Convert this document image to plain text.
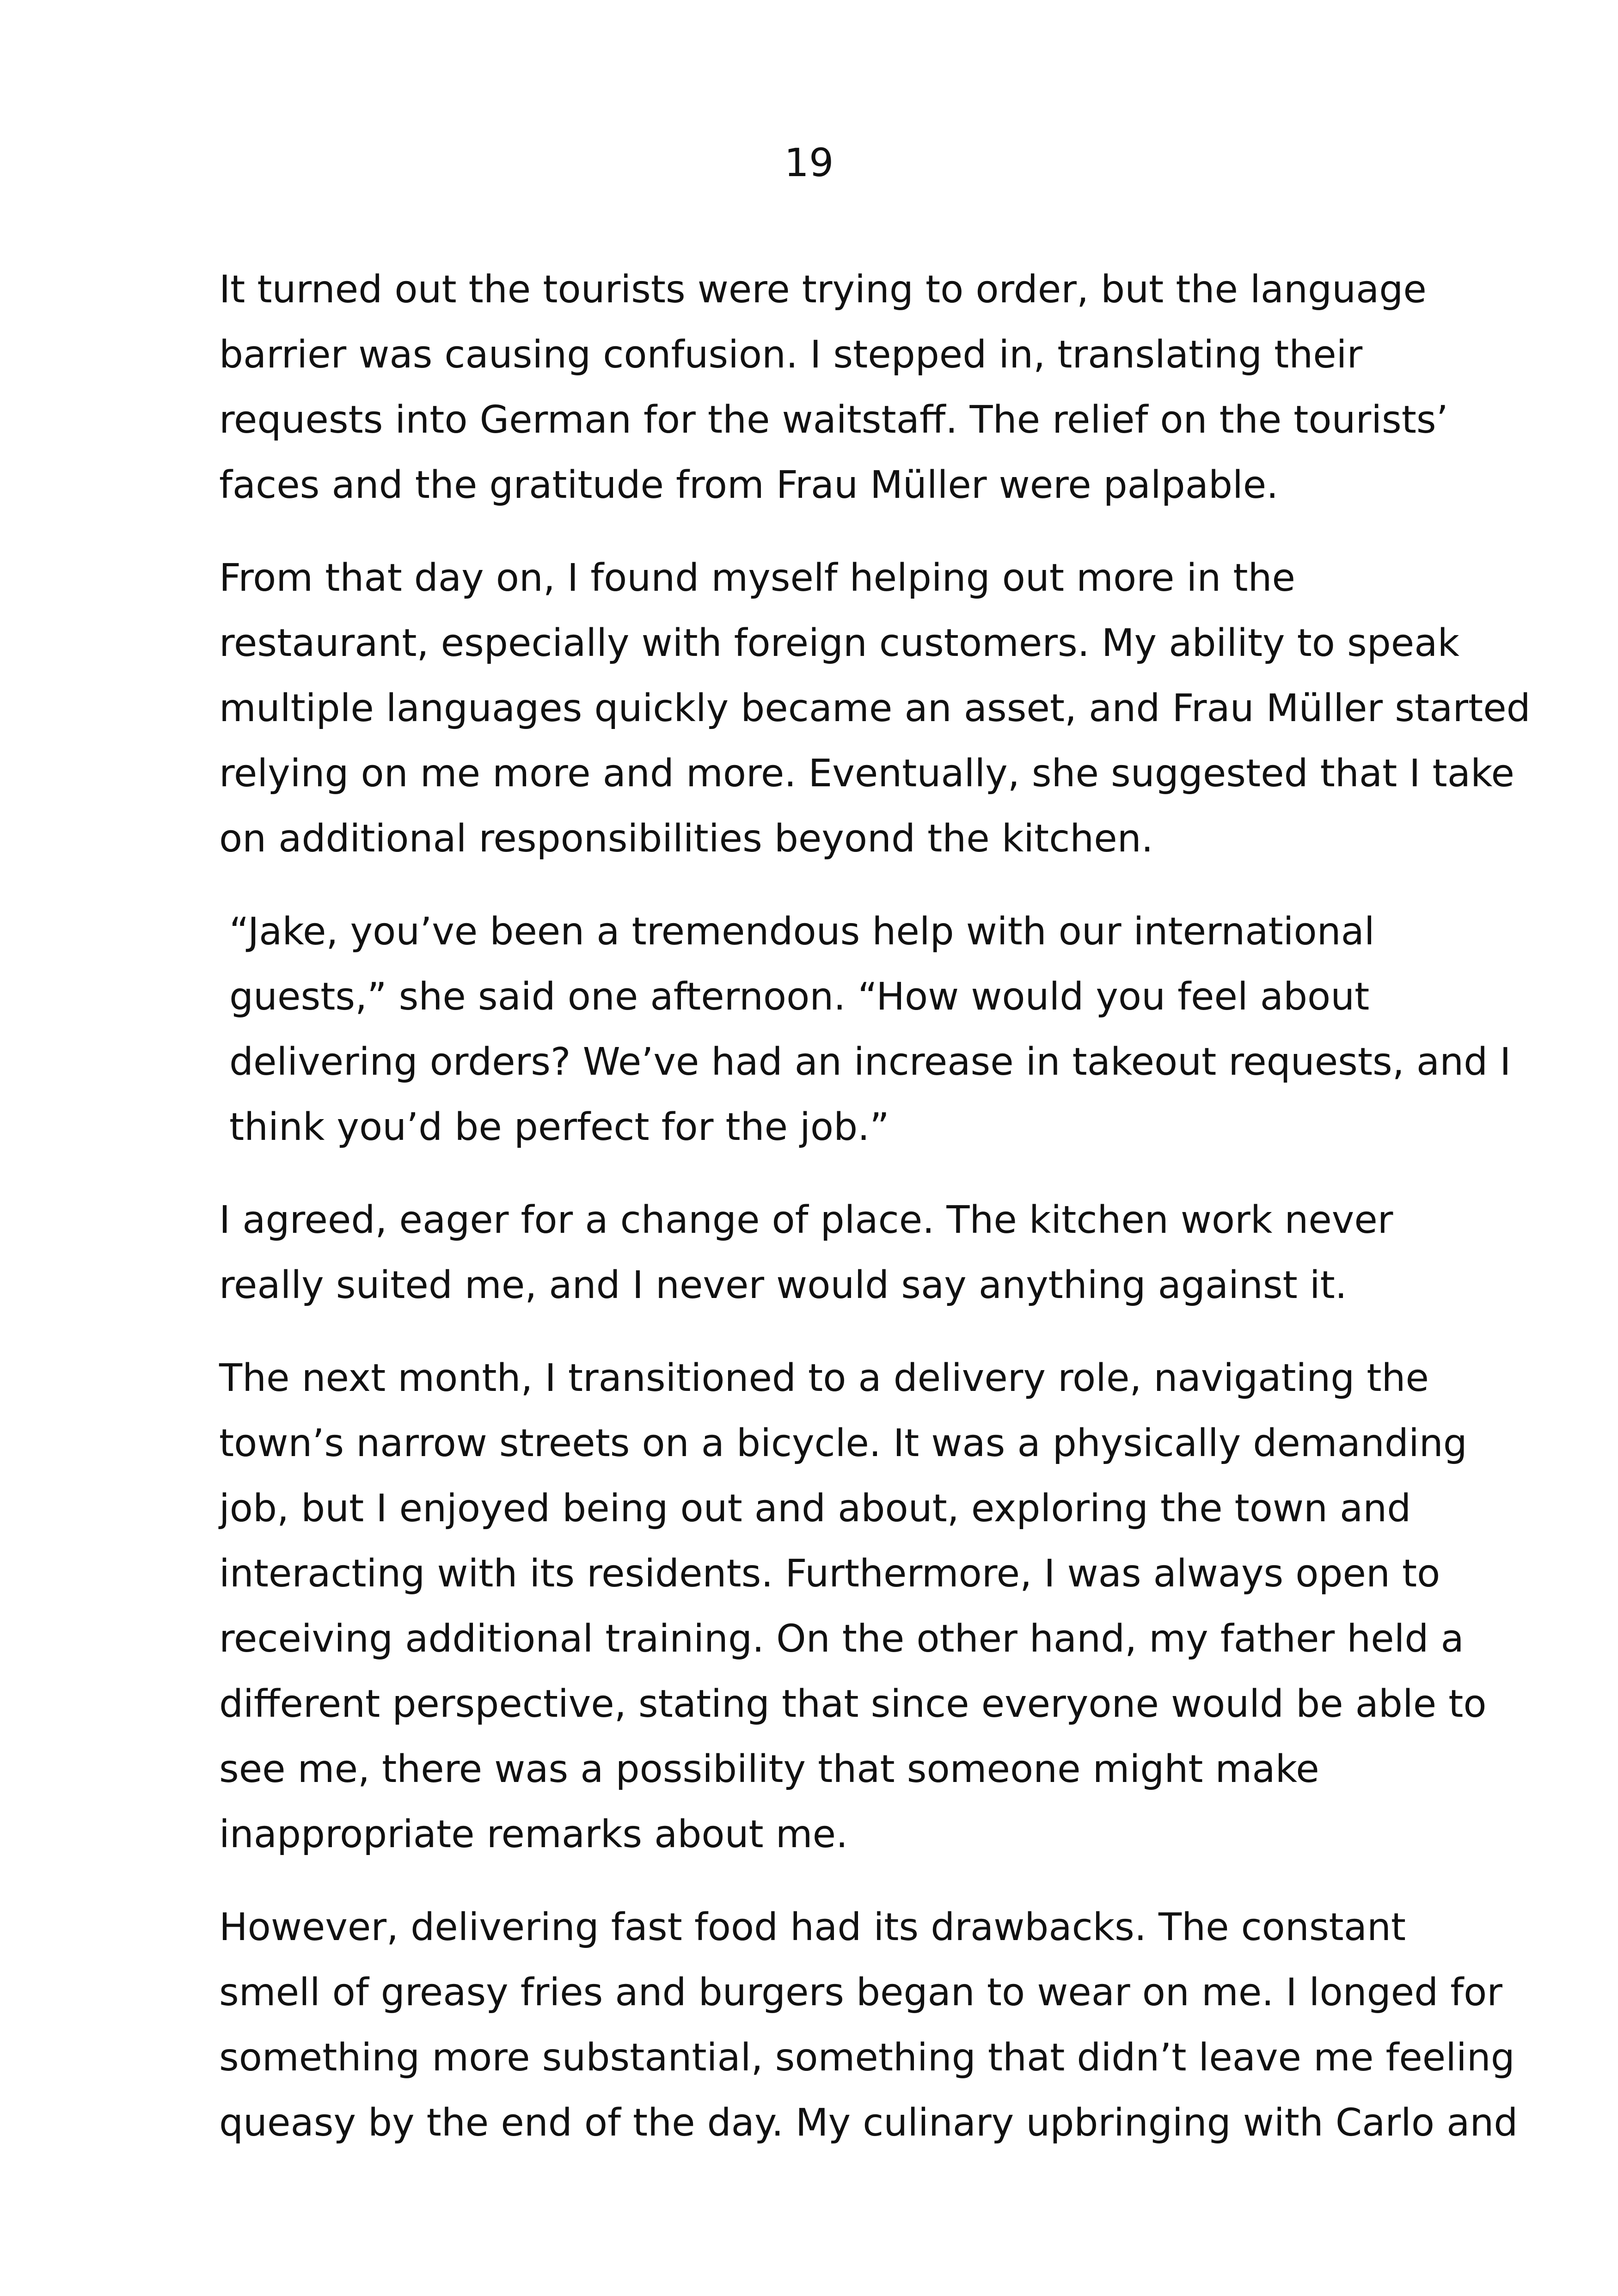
19

It turned out the tourists were trying to order, but the language
barrier was causing confusion. I stepped in, translating their
requests into German for the waitstaff. The relief on the tourists’
faces and the gratitude from Frau Müller were palpable.

From that day on, I found myself helping out more in the
restaurant, especially with foreign customers. My ability to speak
multiple languages quickly became an asset, and Frau Müller started
relying on me more and more. Eventually, she suggested that I take
on additional responsibilities beyond the kitchen.

“Jake, you’ve been a tremendous help with our international
guests,” she said one afternoon. “How would you feel about
delivering orders? We’ve had an increase in takeout requests, and I
think you’d be perfect for the job.”

I agreed, eager for a change of place. The kitchen work never
really suited me, and I never would say anything against it.

The next month, I transitioned to a delivery role, navigating the
town’s narrow streets on a bicycle. It was a physically demanding
job, but I enjoyed being out and about, exploring the town and
interacting with its residents. Furthermore, I was always open to
receiving additional training. On the other hand, my father held a
different perspective, stating that since everyone would be able to
see me, there was a possibility that someone might make
inappropriate remarks about me.

However, delivering fast food had its drawbacks. The constant
smell of greasy fries and burgers began to wear on me. I longed for
something more substantial, something that didn’t leave me feeling
queasy by the end of the day. My culinary upbringing with Carlo and
